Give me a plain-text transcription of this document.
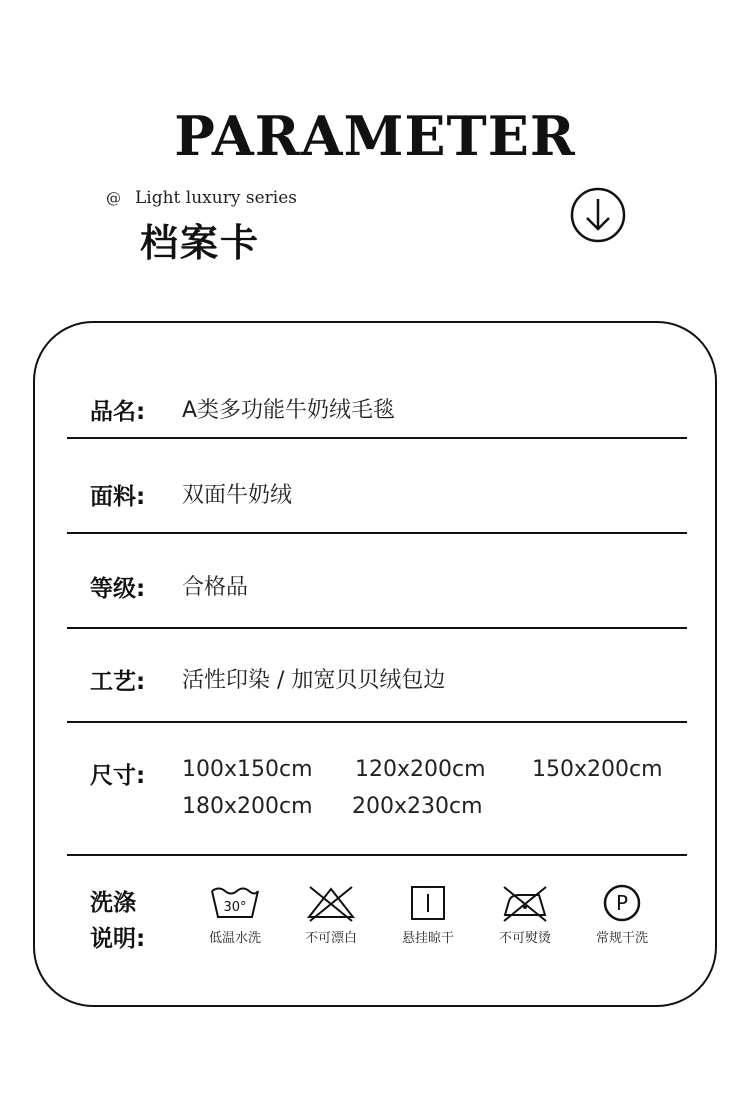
PARAMETER
@ Light luxury series
档案卡
品名:	A类多功能牛奶绒毛毯
面料:	双面牛奶绒
等级:	合格品
工艺:	活性印染 / 加宽贝贝绒包边
尺寸:	100x150cm 120x200cm 150x200cm
180x200cm 200x230cm
洗涤
说明:
30°
低温水洗	不可漂白	悬挂晾干	不可熨烫
P
常规干洗
